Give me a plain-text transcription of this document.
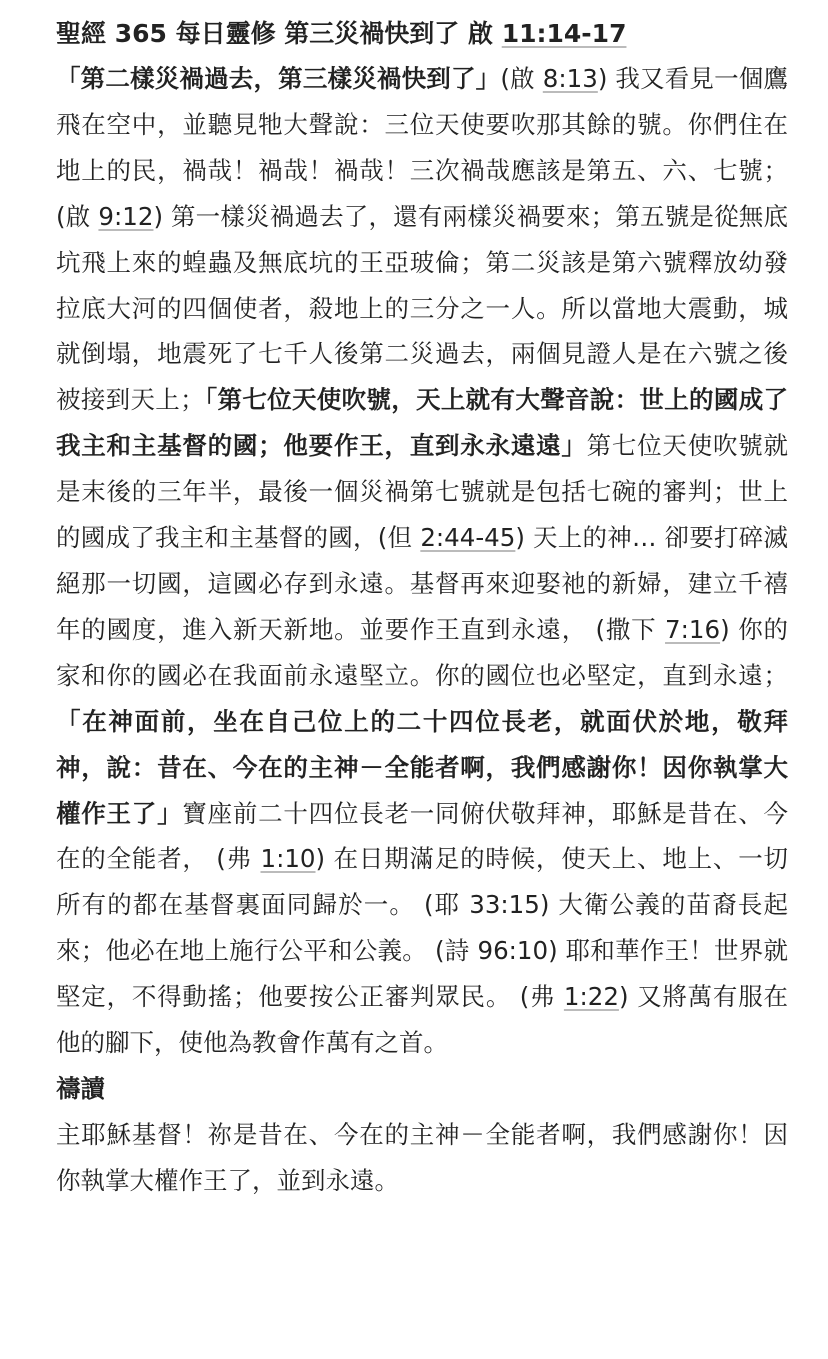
聖經 365 每日靈修 第三災禍快到了 啟 11:14-17

「第二樣災禍過去，第三樣災禍快到了」(啟 8:13) 我又看見一個鷹飛在空中，並聽見牠大聲說：三位天使要吹那其餘的號。你們住在地上的民，禍哉！禍哉！禍哉！三次禍哉應該是第五、六、七號； (啟 9:12) 第一樣災禍過去了，還有兩樣災禍要來；第五號是從無底坑飛上來的蝗蟲及無底坑的王亞玻倫；第二災該是第六號釋放幼發拉底大河的四個使者，殺地上的三分之一人。所以當地大震動，城就倒塌，地震死了七千人後第二災過去，兩個見證人是在六號之後被接到天上；「第七位天使吹號，天上就有大聲音說：世上的國成了我主和主基督的國；他要作王，直到永永遠遠」第七位天使吹號就是末後的三年半，最後一個災禍第七號就是包括七碗的審判；世上的國成了我主和主基督的國，(但 2:44-45) 天上的神… 卻要打碎滅絕那一切國，這國必存到永遠。基督再來迎娶祂的新婦，建立千禧年的國度，進入新天新地。並要作王直到永遠， (撒下 7:16) 你的家和你的國必在我面前永遠堅立。你的國位也必堅定，直到永遠；「在神面前，坐在自己位上的二十四位長老，就面伏於地，敬拜神，說：昔在、今在的主神－全能者啊，我們感謝你！因你執掌大權作王了」寶座前二十四位長老一同俯伏敬拜神，耶穌是昔在、今在的全能者， (弗 1:10) 在日期滿足的時候，使天上、地上、一切所有的都在基督裏面同歸於一。 (耶 33:15) 大衛公義的苗裔長起來；他必在地上施行公平和公義。 (詩 96:10) 耶和華作王！世界就堅定，不得動搖；他要按公正審判眾民。 (弗 1:22) 又將萬有服在他的腳下，使他為教會作萬有之首。

禱讀

主耶穌基督！祢是昔在、今在的主神－全能者啊，我們感謝你！因你執掌大權作王了，並到永遠。
